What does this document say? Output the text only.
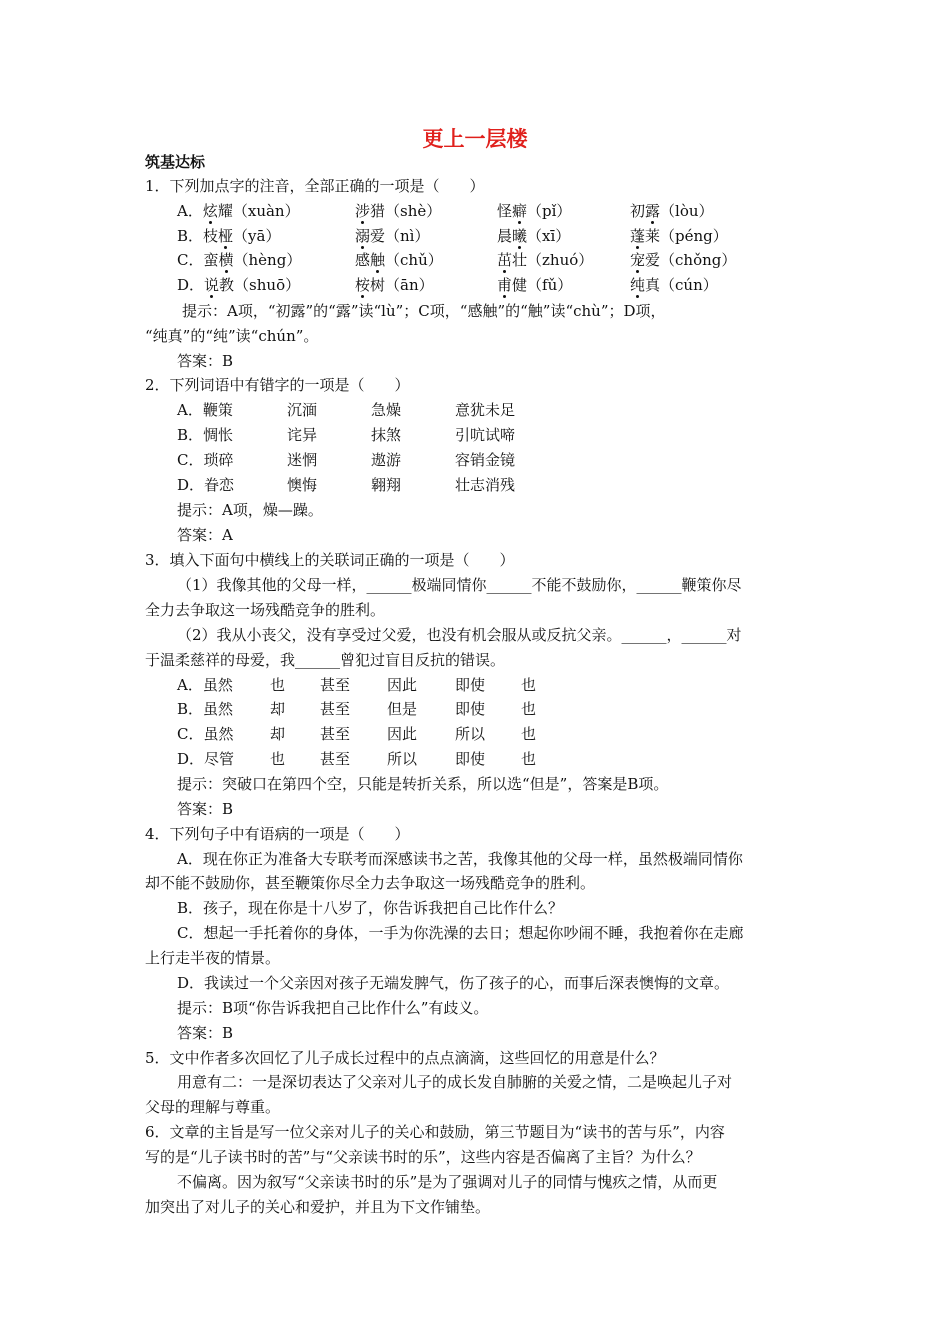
更上一层楼
筑基达标
1．下列加点字的注音，全部正确的一项是（　　）
A．炫耀（xuàn）	涉猎（shè）	怪癖（pǐ）	初露（lòu）
B．枝桠（yā）	溺爱（nì）	晨曦（xī）	蓬莱（péng）
C．蛮横（hèng）	感触（chǔ）	茁壮（zhuó） 宠爱（chǒng）
D．说教（shuō）	桉树（ān）	甫健（fǔ）	纯真（cún）
提示：A项，“初露”的“露”读“lù”；C项，“感触”的“触”读“chù”；D项，
“纯真”的“纯”读“chún”。
答案：B
2．下列词语中有错字的一项是（　　）
A．鞭策	沉湎	急燥	意犹未足
B．惆怅	诧异	抹煞	引吭试啼
C．琐碎	迷惘	遨游	容销金镜
D．眷恋	懊悔	翱翔	壮志消残
提示：A项，燥—躁。
答案：A
3．填入下面句中横线上的关联词正确的一项是（　　）
（1）我像其他的父母一样，______极端同情你______不能不鼓励你，______鞭策你尽
全力去争取这一场残酷竞争的胜利。
（2）我从小丧父，没有享受过父爱，也没有机会服从或反抗父亲。______，______对
于温柔慈祥的母爱，我______曾犯过盲目反抗的错误。
A．虽然 也 甚至 因此	即使 也
B．虽然 却 甚至 但是	即使 也
C．虽然 却 甚至 因此	所以 也
D．尽管 也 甚至 所以	即使 也
提示：突破口在第四个空，只能是转折关系，所以选“但是”，答案是B项。
答案：B
4．下列句子中有语病的一项是（　　）
A．现在你正为准备大专联考而深感读书之苦，我像其他的父母一样，虽然极端同情你
却不能不鼓励你，甚至鞭策你尽全力去争取这一场残酷竞争的胜利。
B．孩子，现在你是十八岁了，你告诉我把自己比作什么？
C．想起一手托着你的身体，一手为你洗澡的去日；想起你吵闹不睡，我抱着你在走廊
上行走半夜的情景。
D．我读过一个父亲因对孩子无端发脾气，伤了孩子的心，而事后深表懊悔的文章。
提示：B项“你告诉我把自己比作什么”有歧义。
答案：B
5．文中作者多次回忆了儿子成长过程中的点点滴滴，这些回忆的用意是什么？
用意有二：一是深切表达了父亲对儿子的成长发自肺腑的关爱之情，二是唤起儿子对
父母的理解与尊重。
6．文章的主旨是写一位父亲对儿子的关心和鼓励，第三节题目为“读书的苦与乐”，内容
写的是“儿子读书时的苦”与“父亲读书时的乐”，这些内容是否偏离了主旨？为什么？
不偏离。因为叙写“父亲读书时的乐”是为了强调对儿子的同情与愧疚之情，从而更
加突出了对儿子的关心和爱护，并且为下文作铺垫。
